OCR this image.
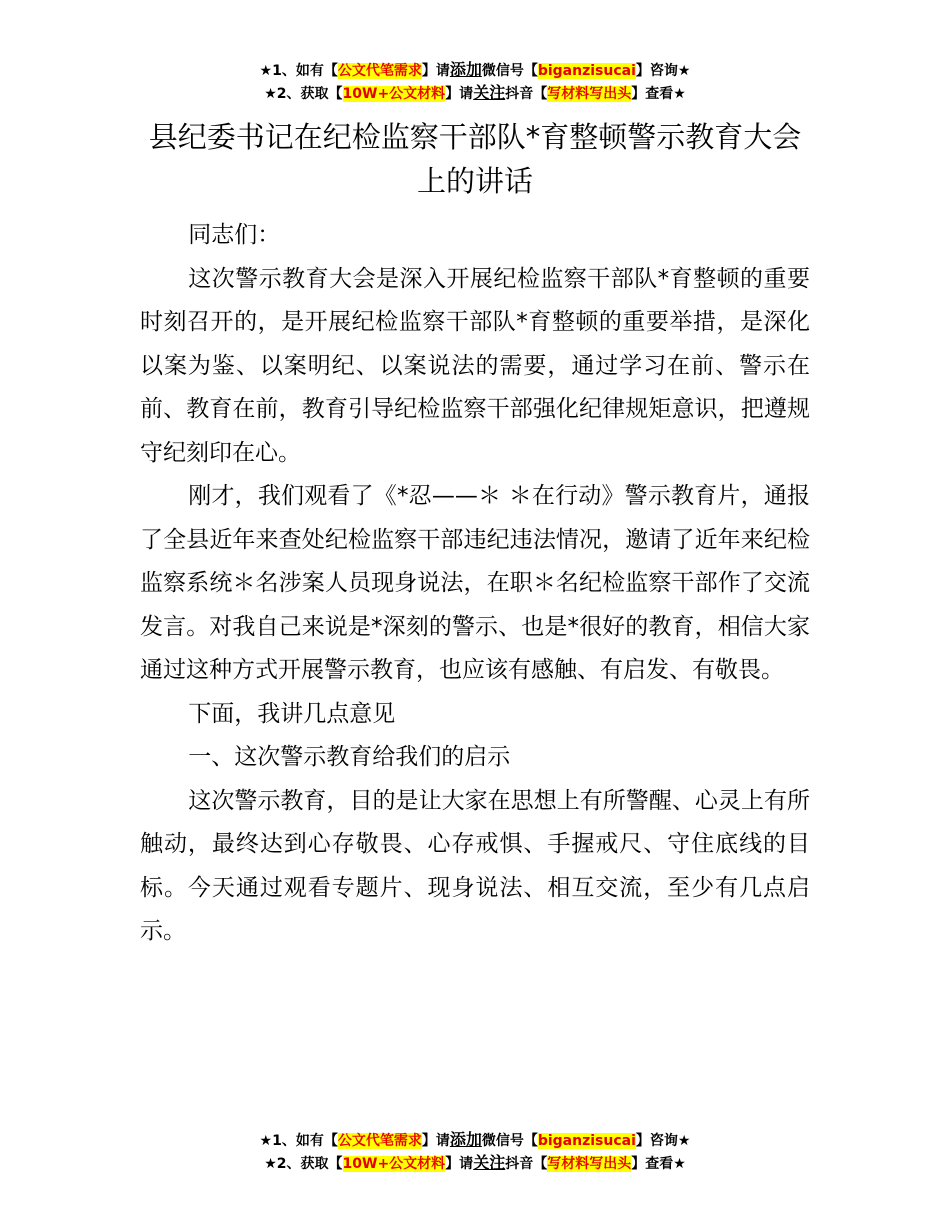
★1、如有【公文代笔需求】请添加微信号【biganzisucai】咨询★
★2、获取【10W+公文材料】请关注抖音【写材料写出头】查看★
县纪委书记在纪检监察干部队*育整顿警示教育大会上的讲话

同志们：

这次警示教育大会是深入开展纪检监察干部队*育整顿的重要时刻召开的，是开展纪检监察干部队*育整顿的重要举措，是深化以案为鉴、以案明纪、以案说法的需要，通过学习在前、警示在前、教育在前，教育引导纪检监察干部强化纪律规矩意识，把遵规守纪刻印在心。

刚才，我们观看了《*忍——＊ ＊在行动》警示教育片，通报了全县近年来查处纪检监察干部违纪违法情况，邀请了近年来纪检监察系统＊名涉案人员现身说法，在职＊名纪检监察干部作了交流发言。对我自己来说是*深刻的警示、也是*很好的教育，相信大家通过这种方式开展警示教育，也应该有感触、有启发、有敬畏。

下面，我讲几点意见

一、这次警示教育给我们的启示

这次警示教育，目的是让大家在思想上有所警醒、心灵上有所触动，最终达到心存敬畏、心存戒惧、手握戒尺、守住底线的目标。今天通过观看专题片、现身说法、相互交流，至少有几点启示。

★1、如有【公文代笔需求】请添加微信号【biganzisucai】咨询★
★2、获取【10W+公文材料】请关注抖音【写材料写出头】查看★
